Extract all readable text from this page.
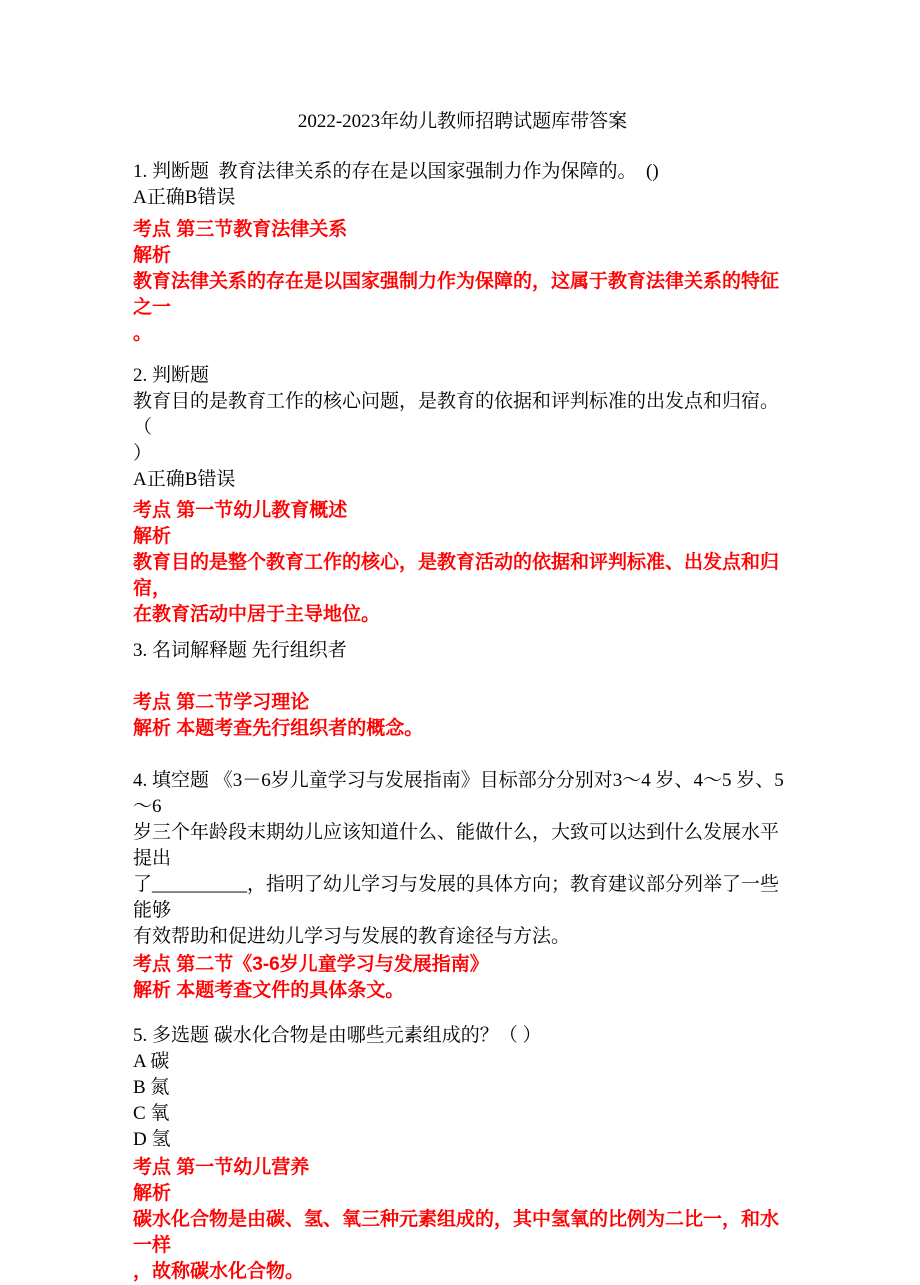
2022-2023年幼儿教师招聘试题库带答案

1. 判断题  教育法律关系的存在是以国家强制力作为保障的。  ()

A正确B错误

考点 第三节教育法律关系

解析

教育法律关系的存在是以国家强制力作为保障的，这属于教育法律关系的特征之一
。

2. 判断题
教育目的是教育工作的核心问题，是教育的依据和评判标准的出发点和归宿。 （
）

A正确B错误

考点 第一节幼儿教育概述

解析

教育目的是整个教育工作的核心，是教育活动的依据和评判标准、出发点和归宿，
在教育活动中居于主导地位。

3. 名词解释题 先行组织者

考点 第二节学习理论

解析 本题考查先行组织者的概念。

4. 填空题 《3－6岁儿童学习与发展指南》目标部分分别对3～4 岁、4～5 岁、5～6
岁三个年龄段末期幼儿应该知道什么、能做什么，大致可以达到什么发展水平提出
了__________，指明了幼儿学习与发展的具体方向；教育建议部分列举了一些能够
有效帮助和促进幼儿学习与发展的教育途径与方法。

考点 第二节《3-6岁儿童学习与发展指南》

解析 本题考查文件的具体条文。

5. 多选题 碳水化合物是由哪些元素组成的？（ ）

A 碳

B 氮

C 氧

D 氢

考点 第一节幼儿营养

解析

碳水化合物是由碳、氢、氧三种元素组成的，其中氢氧的比例为二比一，和水一样
，故称碳水化合物。
